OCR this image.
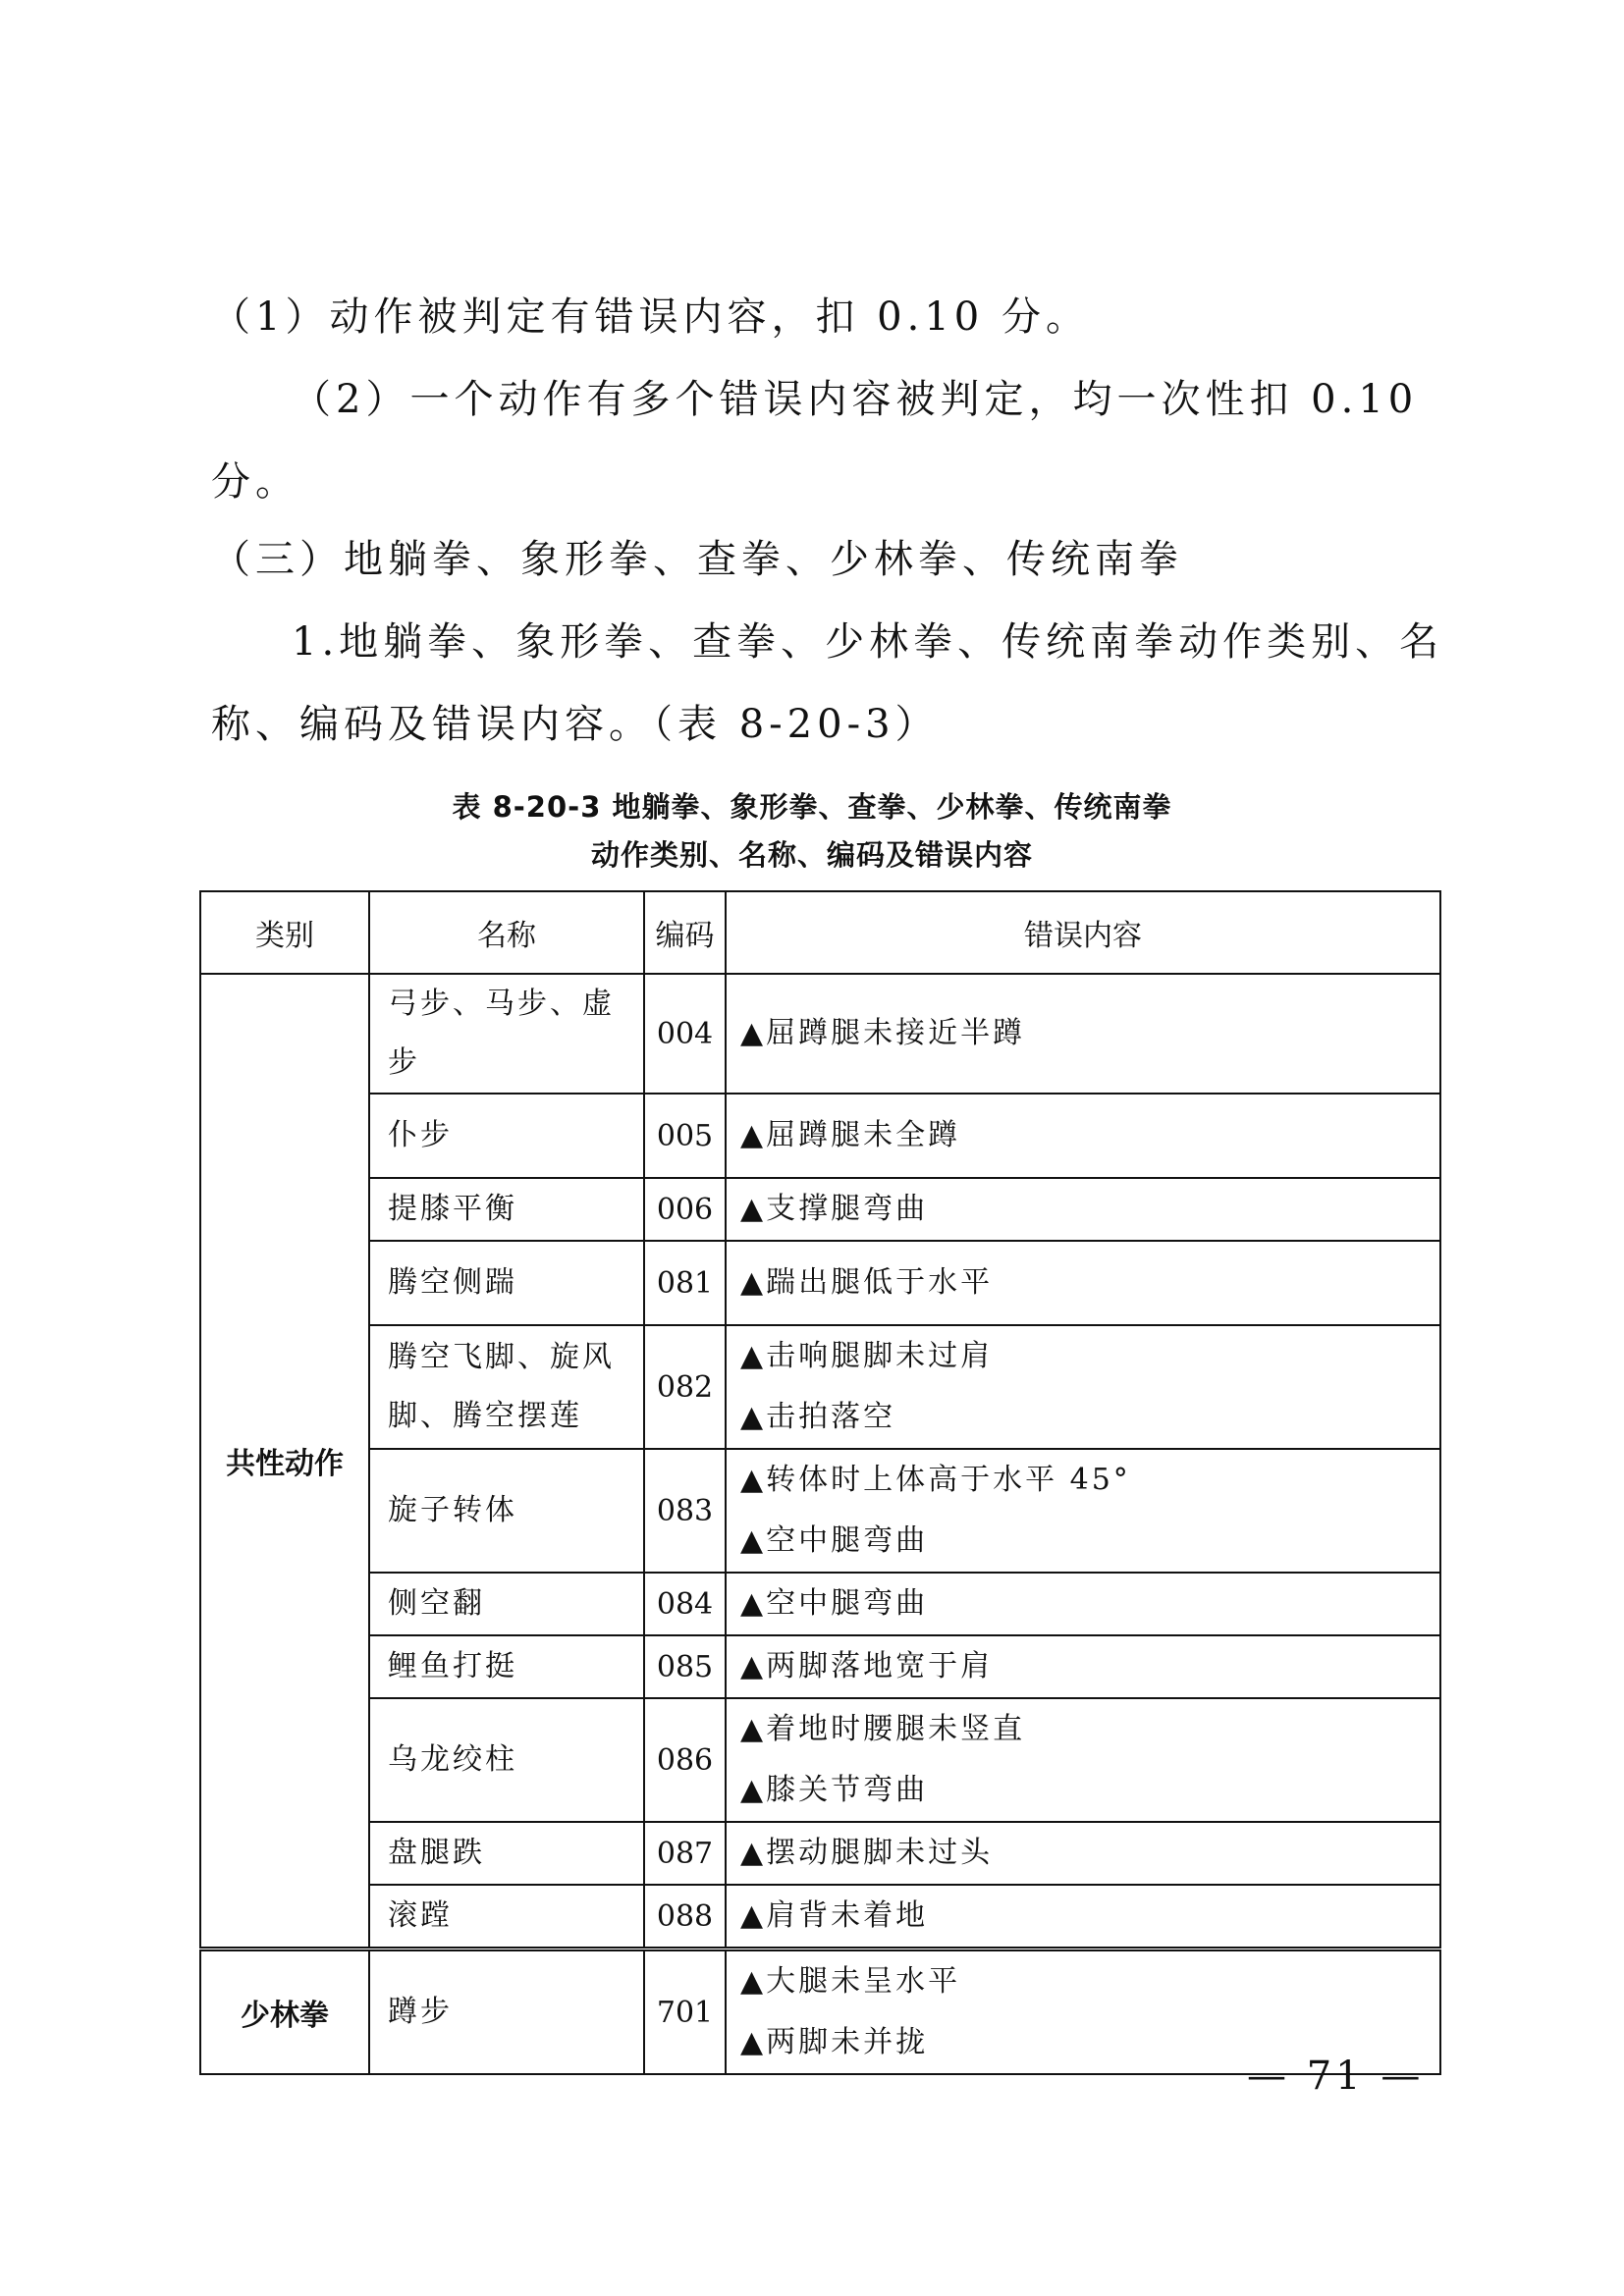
（1）动作被判定有错误内容，扣 0.10 分。
（2）一个动作有多个错误内容被判定，均一次性扣 0.10 分。
（三）地躺拳、象形拳、查拳、少林拳、传统南拳
1.地躺拳、象形拳、查拳、少林拳、传统南拳动作类别、名称、编码及错误内容。（表 8-20-3）
表 8-20-3 地躺拳、象形拳、查拳、少林拳、传统南拳
动作类别、名称、编码及错误内容
类别	名称	编码	错误内容
共性动作	弓步、马步、虚步	004	▲屈蹲腿未接近半蹲

	仆步	005	▲屈蹲腿未全蹲

	提膝平衡	006	▲支撑腿弯曲

	腾空侧踹	081	▲踹出腿低于水平

	腾空飞脚、旋风脚、腾空摆莲	082	▲击响腿脚未过肩
▲击拍落空

	旋子转体	083	▲转体时上体高于水平 45°
▲空中腿弯曲

	侧空翻	084	▲空中腿弯曲

	鲤鱼打挺	085	▲两脚落地宽于肩

	乌龙绞柱	086	▲着地时腰腿未竖直
▲膝关节弯曲

	盘腿跌	087	▲摆动腿脚未过头

	滚蹚	088	▲肩背未着地

少林拳	蹲步	701	▲大腿未呈水平
▲两脚未并拢
— 71 —
